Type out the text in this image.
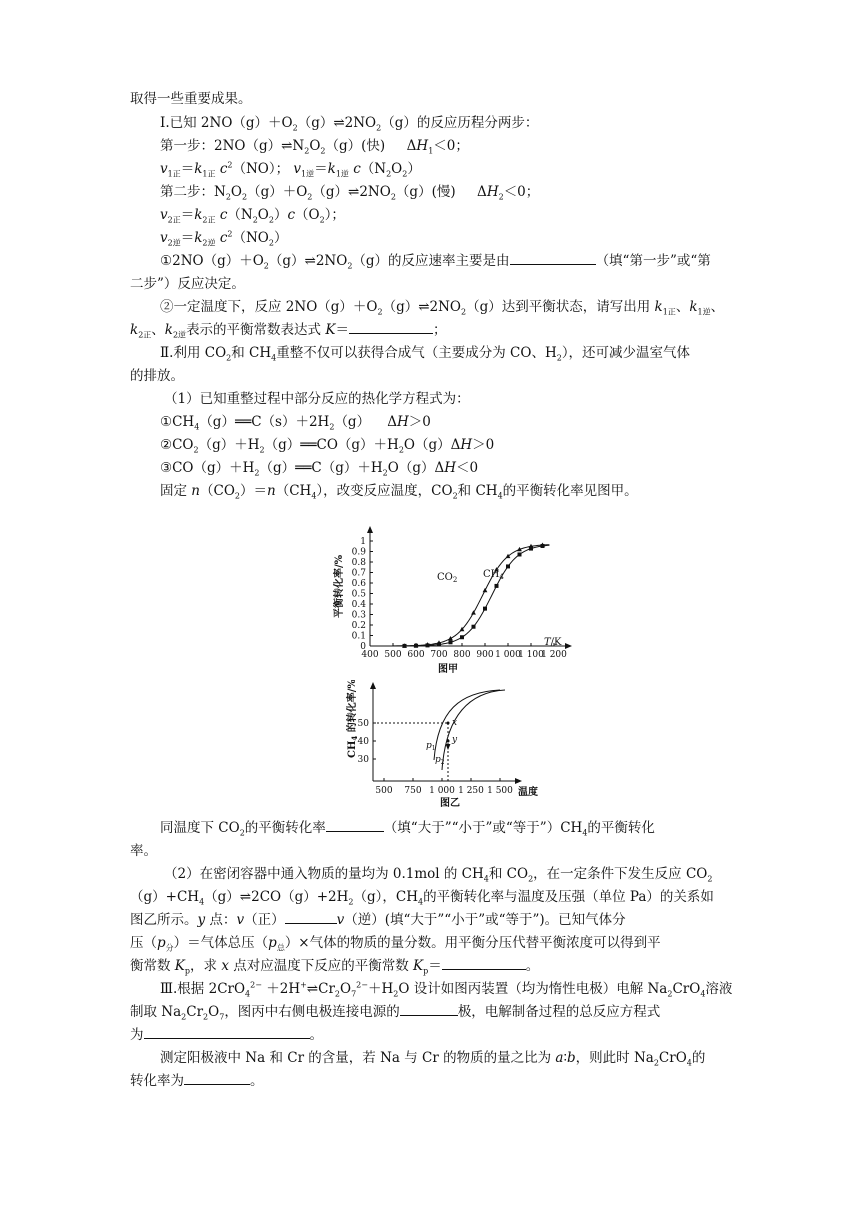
取得一些重要成果。
Ⅰ.已知 $2NO(g)+O_2(g)\rightleftharpoons 2NO_2(g)$的反应历程分两步：
第一步：$2NO(g)\rightleftharpoons N_2O_2(g)$(快)     $\Delta H_1<0$；
$v_{1正}=k_{1正}$ $c^2(NO)$； $v_{1逆}=k_{1逆}$ $c(N_2O_2)$
第二步：$N_2O_2(g)+O_2(g)\rightleftharpoons 2NO_2(g)$(慢)     $\Delta H_2<0$；
$v_{2正}=k_{2正}$ $c(N_2O_2)c(O_2)$；
$v_{2逆}=k_{2逆}$ $c^2(NO_2)$
$①2NO(g)+O_2(g)\rightleftharpoons 2NO_2(g)$的反应速率主要是由	（填“第一步”或“第
二步”）反应决定。
②一定温度下，反应 $2NO(g)+O_2(g)\rightleftharpoons 2NO_2(g)$达到平衡状态，请写出用 $k_{1正}$、$k_{1逆}$、
$k_{2正}$、$k_{2逆}$表示的平衡常数表达式 K＝	；
Ⅱ.利用 $CO_2$和 $CH_4$重整不仅可以获得合成气（主要成分为 CO、$H_2$），还可减少温室气体
的排放。
（1）已知重整过程中部分反应的热化学方程式为：
$①CH_4(g)══C(s)+2H_2(g)$    ΔH＞0
$②CO_2(g)+H_2(g)══CO(g)+H_2O(g)\Delta H>0$
$③CO(g)+H_2(g)══C(g)+H_2O(g)\Delta H<0$
固定 $n(CO_2)=n(CH_4)$，改变反应温度，$CO_2$和 $CH_4$的平衡转化率见图甲。
同温度下 $CO_2$的平衡转化率	（填“大于”“小于”或“等于$”)CH_4$的平衡转化
率。
（2）在密闭容器中通入物质的量均为 0.1mol 的 $CH_4$和 $CO_2$，在一定条件下发生反应 $CO_2$
$(g)+CH_4(g)\rightleftharpoons 2CO(g)+2H_2(g)$，$CH_4$的平衡转化率与温度及压强（单位 Pa）的关系如
图乙所示。y 点：v（正）	v（逆）(填“大于”“小于”或“等于”)。已知气体分
压$(p_分)=$气体总压$(p_总)\times$气体的物质的量分数。用平衡分压代替平衡浓度可以得到平
衡常数 $K_p$，求 x 点对应温度下反应的平衡常数 $K_p=$	。
Ⅲ.根据 $2CrO_4^{2-} +2H^+\rightleftharpoons Cr_2O_7^{2-}+H_2O$ 设计如图丙装置（均为惰性电极）电解 $Na_2CrO_4$溶液
制取 $Na_2Cr_2O_7$，图丙中右侧电极连接电源的	极，电解制备过程的总反应方程式
为	。
测定阳极液中 Na 和 Cr 的含量，若 Na 与 Cr 的物质的量之比为 a∶b，则此时 $Na_2CrO_4$的
转化率为	。
0
0.1
0.2
0.3
0.4
0.5
0.6
0.7
0.8
0.9
1
400 500 600 700 800 900 1 000
1 100
1 200
$CO_2$	$CH_4$
T/K
平衡转化率/%
图甲
30
40
50
500 750 1 000 1 250 1 500
x
y
$p_1$
$p_2$
$CH_4$ 的转化率/%
温度
图乙
